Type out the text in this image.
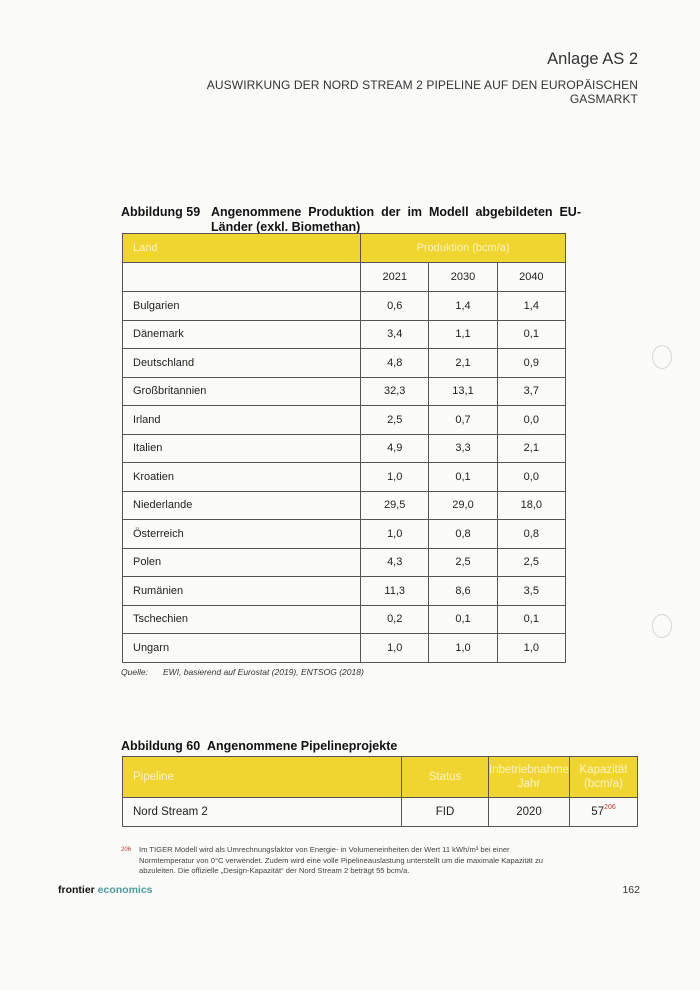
Anlage AS 2
AUSWIRKUNG DER NORD STREAM 2 PIPELINE AUF DEN EUROPÄISCHEN GASMARKT
Abbildung 59 Angenommene Produktion der im Modell abgebildeten EU-Länder (exkl. Biomethan)
Land	Produktion (bcm/a)		
	2021	2030	2040
Bulgarien	0,6	1,4	1,4
Dänemark	3,4	1,1	0,1
Deutschland	4,8	2,1	0,9
Großbritannien	32,3	13,1	3,7
Irland	2,5	0,7	0,0
Italien	4,9	3,3	2,1
Kroatien	1,0	0,1	0,0
Niederlande	29,5	29,0	18,0
Österreich	1,0	0,8	0,8
Polen	4,3	2,5	2,5
Rumänien	11,3	8,6	3,5
Tschechien	0,2	0,1	0,1
Ungarn	1,0	1,0	1,0
Quelle: EWI, basierend auf Eurostat (2019), ENTSOG (2018)
Abbildung 60 Angenommene Pipelineprojekte
Pipeline	Status	Inbetriebnahme Jahr	Kapazität (bcm/a)
Nord Stream 2	FID	2020	$57^{206}$
206 Im TIGER Modell wird als Umrechnungsfaktor von Energie- in Volumeneinheiten der Wert 11 kWh/m³ bei einer Normtemperatur von 0°C verwendet. Zudem wird eine volle Pipelineauslastung unterstellt um die maximale Kapazität zu abzuleiten. Die offizielle „Design-Kapazität“ der Nord Stream 2 beträgt 55 bcm/a.
frontier economics	162
